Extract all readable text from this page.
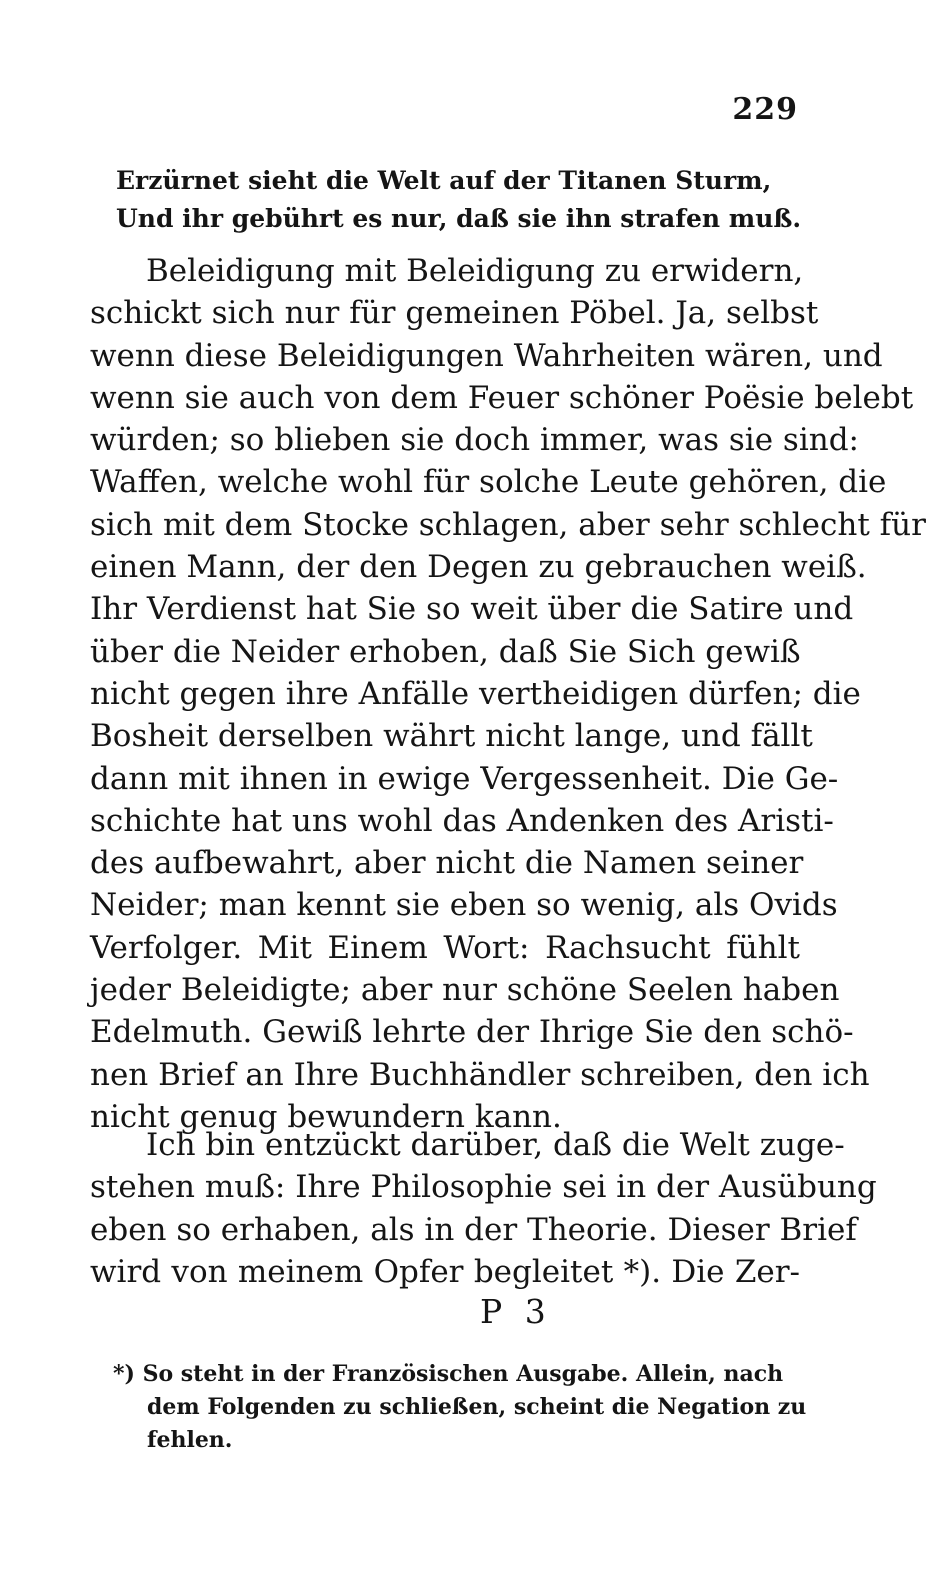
229
Erzürnet sieht die Welt auf der Titanen Sturm,
Und ihr gebührt es nur, daß sie ihn strafen muß.
Beleidigung mit Beleidigung zu erwidern,
schickt sich nur für gemeinen Pöbel. Ja, selbst
wenn diese Beleidigungen Wahrheiten wären, und
wenn sie auch von dem Feuer schöner Poësie belebt
würden; so blieben sie doch immer, was sie sind:
Waffen, welche wohl für solche Leute gehören, die
sich mit dem Stocke schlagen, aber sehr schlecht für
einen Mann, der den Degen zu gebrauchen weiß.
Ihr Verdienst hat Sie so weit über die Satire und
über die Neider erhoben, daß Sie Sich gewiß
nicht gegen ihre Anfälle vertheidigen dürfen; die
Bosheit derselben währt nicht lange, und fällt
dann mit ihnen in ewige Vergessenheit. Die Ge-
schichte hat uns wohl das Andenken des Aristi-
des aufbewahrt, aber nicht die Namen seiner
Neider; man kennt sie eben so wenig, als Ovids
Verfolger. Mit Einem Wort: Rachsucht fühlt
jeder Beleidigte; aber nur schöne Seelen haben
Edelmuth. Gewiß lehrte der Ihrige Sie den schö-
nen Brief an Ihre Buchhändler schreiben, den ich
nicht genug bewundern kann.
Ich bin entzückt darüber, daß die Welt zuge-
stehen muß: Ihre Philosophie sei in der Ausübung
eben so erhaben, als in der Theorie. Dieser Brief
wird von meinem Opfer begleitet *). Die Zer-
P 3
*) So steht in der Französischen Ausgabe. Allein, nach
dem Folgenden zu schließen, scheint die Negation zu
fehlen.
